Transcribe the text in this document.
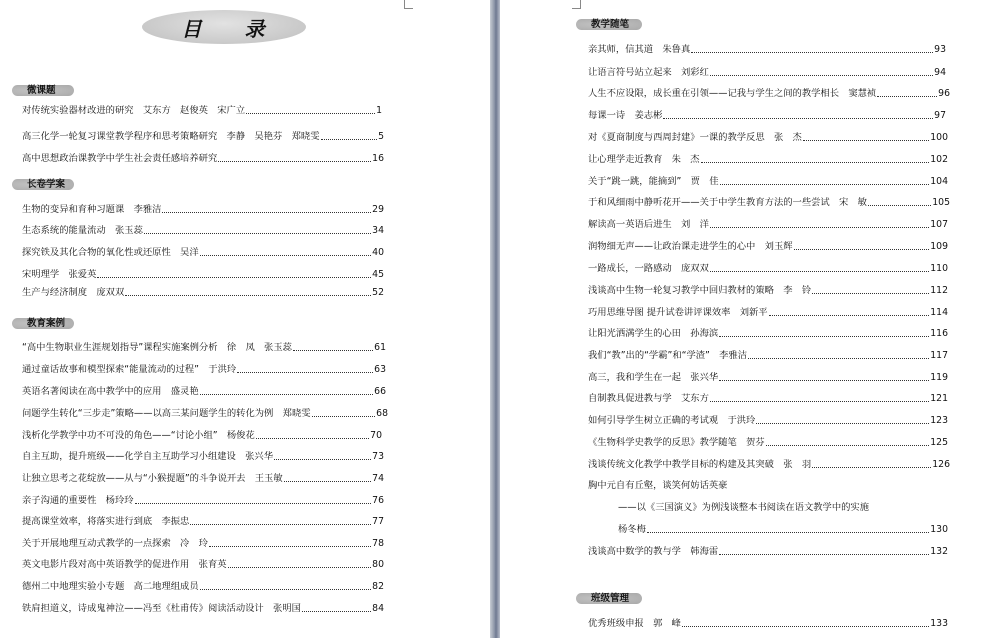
目 录
微课题
对传统实验器材改进的研究　艾东方　赵俊英　宋广立	1
高三化学一轮复习课堂教学程序和思考策略研究　李静　吴艳芬　郑晓雯	5
高中思想政治课教学中学生社会责任感培养研究	16
长卷学案
生物的变异和育种习题课　李雅洁	29
生态系统的能量流动　张玉蕊	34
探究铁及其化合物的氧化性或还原性　吴洋	40
宋明理学　张爱英	45
生产与经济制度　庞双双	52
教育案例
“高中生物职业生涯规划指导”课程实施案例分析　徐　凤　张玉蕊	61
通过童话故事和模型探索“能量流动的过程”　于洪玲	63
英语名著阅读在高中教学中的应用　盛灵艳	66
问题学生转化“三步走”策略——以高三某问题学生的转化为例　郑晓雯	68
浅析化学教学中功不可没的角色——“讨论小组”　杨俊花	70
自主互助，提升班级——化学自主互助学习小组建设　张兴华	73
让独立思考之花绽放——从与“小猴提题”的斗争说开去　王玉敏	74
亲子沟通的重要性　杨玲玲	76
提高课堂效率，将落实进行到底　李振忠	77
关于开展地理互动式教学的一点探索　冷　玲	78
英文电影片段对高中英语教学的促进作用　张育英	80
德州二中地理实验小专题　高二地理组成员	82
铁肩担道义，诗成鬼神泣——冯至《杜甫传》阅读活动设计　张明国	84
教学随笔
亲其师，信其道　朱鲁真	93
让语言符号站立起来　刘彩红	94
人生不应设限，成长重在引领——记我与学生之间的教学相长　窦慧祯	96
每课一诗　姜志彬	97
对《夏商制度与西周封建》一课的教学反思　张　杰	100
让心理学走近教育　朱　杰	102
关于“跳一跳，能摘到”　贾　佳	104
于和风细雨中静听花开——关于中学生教育方法的一些尝试　宋　敏	105
解读高一英语后进生　刘　洋	107
润物细无声——让政治课走进学生的心中　刘玉辉	109
一路成长，一路感动　庞双双	110
浅谈高中生物一轮复习教学中回归教材的策略　李　铃	112
巧用思维导图 提升试卷讲评课效率　刘新平	114
让阳光洒满学生的心田　孙海滨	116
我们“教”出的“学霸”和“学渣”　李雅洁	117
高三，我和学生在一起　张兴华	119
自制教具促进教与学　艾东方	121
如何引导学生树立正确的考试观　于洪玲	123
《生物科学史教学的反思》教学随笔　贺芬	125
浅谈传统文化教学中教学目标的构建及其突破　张　羽	126
胸中元自有丘壑，谈笑何妨话英豪
——以《三国演义》为例浅谈整本书阅读在语文教学中的实施
杨冬梅	130
浅谈高中数学的教与学　韩海雷	132
班级管理
优秀班级申报　郭　峰	133
